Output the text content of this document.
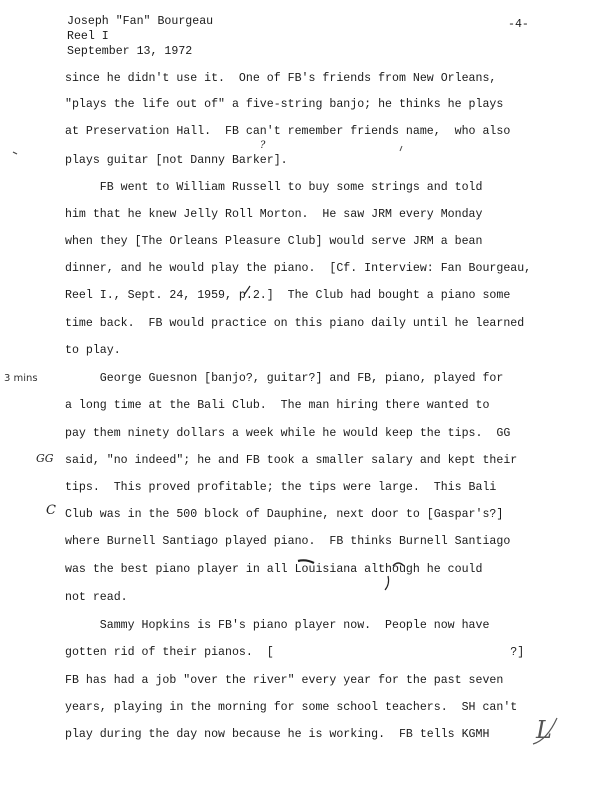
Joseph "Fan" Bourgeau
Reel I
September 13, 1972
-4-
since he didn't use it.  One of FB's friends from New Orleans,
"plays the life out of" a five-string banjo; he thinks he plays
at Preservation Hall.  FB can't remember friends name,  who also
plays guitar [not Danny Barker].
FB went to William Russell to buy some strings and told
him that he knew Jelly Roll Morton.  He saw JRM every Monday
when they [The Orleans Pleasure Club] would serve JRM a bean
dinner, and he would play the piano.  [Cf. Interview: Fan Bourgeau,
Reel I., Sept. 24, 1959, p.2.]  The Club had bought a piano some
time back.  FB would practice on this piano daily until he learned
to play.
George Guesnon [banjo?, guitar?] and FB, piano, played for
a long time at the Bali Club.  The man hiring there wanted to
pay them ninety dollars a week while he would keep the tips.  GG
said, "no indeed"; he and FB took a smaller salary and kept their
tips.  This proved profitable; the tips were large.  This Bali
Club was in the 500 block of Dauphine, next door to [Gaspar's?]
where Burnell Santiago played piano.  FB thinks Burnell Santiago
was the best piano player in all Louisiana although he could
not read.
Sammy Hopkins is FB's piano player now.  People now have
gotten rid of their pianos.  [                                  ?]
FB has had a job "over the river" every year for the past seven
years, playing in the morning for some school teachers.  SH can't
play during the day now because he is working.  FB tells KGMH
3 mins
?
GG
C
L
